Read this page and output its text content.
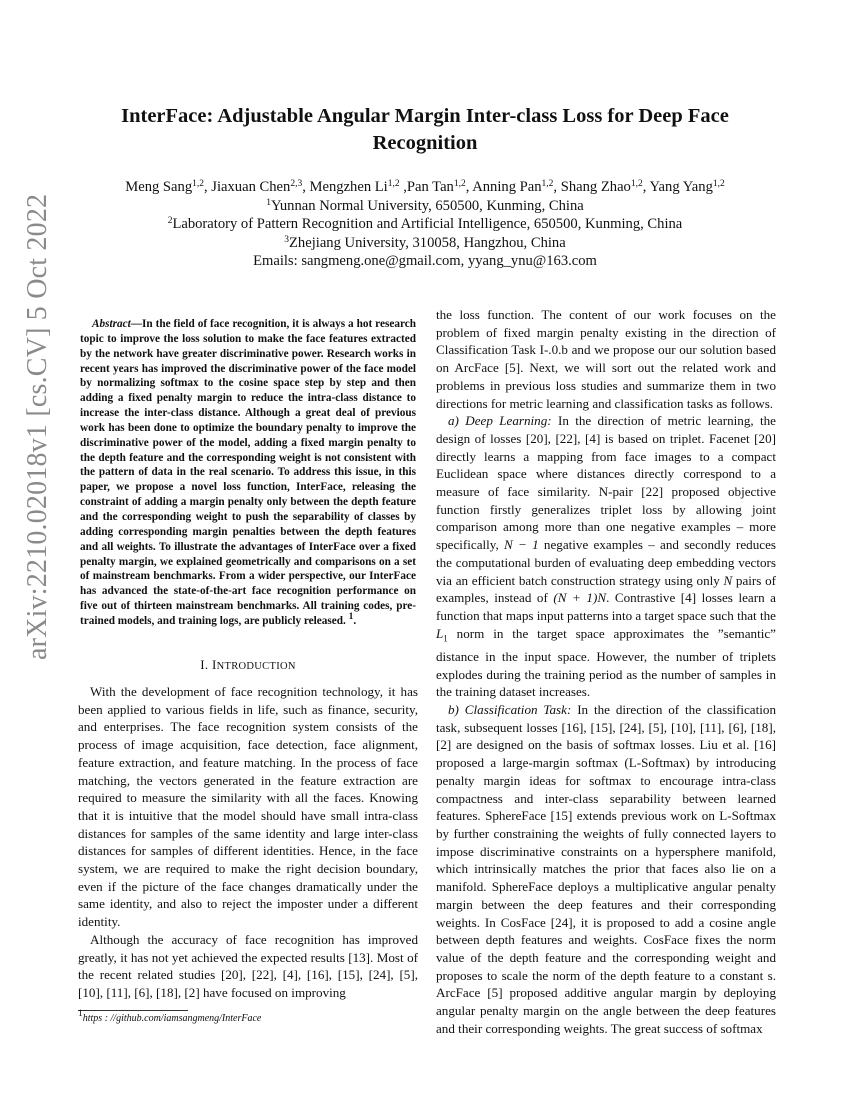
arXiv:2210.02018v1 [cs.CV] 5 Oct 2022
InterFace: Adjustable Angular Margin Inter-class Loss for Deep Face
Recognition
Meng Sang$^{1,2}$, Jiaxuan Chen$^{2,3}$, Mengzhen Li$^{1,2}$ ,Pan Tan$^{1,2}$, Anning Pan$^{1,2}$, Shang Zhao$^{1,2}$, Yang Yang$^{1,2}$
$^1$Yunnan Normal University, 650500, Kunming, China
$^2$Laboratory of Pattern Recognition and Artificial Intelligence, 650500, Kunming, China
$^3$Zhejiang University, 310058, Hangzhou, China
Emails: sangmeng.one@gmail.com, yyang_ynu@163.com

Abstract—In the field of face recognition, it is always a hot research topic to improve the loss solution to make the face features extracted by the network have greater discriminative power. Research works in recent years has improved the discriminative power of the face model by normalizing softmax to the cosine space step by step and then adding a fixed penalty margin to reduce the intra-class distance to increase the inter-class distance. Although a great deal of previous work has been done to optimize the boundary penalty to improve the discriminative power of the model, adding a fixed margin penalty to the depth feature and the corresponding weight is not consistent with the pattern of data in the real scenario. To address this issue, in this paper, we propose a novel loss function, InterFace, releasing the constraint of adding a margin penalty only between the depth feature and the corresponding weight to push the separability of classes by adding corresponding margin penalties between the depth features and all weights. To illustrate the advantages of InterFace over a fixed penalty margin, we explained geometrically and comparisons on a set of mainstream benchmarks. From a wider perspective, our InterFace has advanced the state-of-the-art face recognition performance on five out of thirteen mainstream benchmarks. All training codes, pre-trained models, and training logs, are publicly released. $^1$.

I. INTRODUCTION

With the development of face recognition technology, it has been applied to various fields in life, such as finance, security, and enterprises. The face recognition system consists of the process of image acquisition, face detection, face alignment, feature extraction, and feature matching. In the process of face matching, the vectors generated in the feature extraction are required to measure the similarity with all the faces. Knowing that it is intuitive that the model should have small intra-class distances for samples of the same identity and large inter-class distances for samples of different identities. Hence, in the face system, we are required to make the right decision boundary, even if the picture of the face changes dramatically under the same identity, and also to reject the imposter under a different identity.

Although the accuracy of face recognition has improved greatly, it has not yet achieved the expected results [13]. Most of the recent related studies [20], [22], [4], [16], [15], [24], [5], [10], [11], [6], [18], [2] have focused on improving

the loss function. The content of our work focuses on the problem of fixed margin penalty existing in the direction of Classification Task I-.0.b and we propose our our solution based on ArcFace [5]. Next, we will sort out the related work and problems in previous loss studies and summarize them in two directions for metric learning and classification tasks as follows.

a) Deep Learning: In the direction of metric learning, the design of losses [20], [22], [4] is based on triplet. Facenet [20] directly learns a mapping from face images to a compact Euclidean space where distances directly correspond to a measure of face similarity. N-pair [22] proposed objective function firstly generalizes triplet loss by allowing joint comparison among more than one negative examples – more specifically, N − 1 negative examples – and secondly reduces the computational burden of evaluating deep embedding vectors via an efficient batch construction strategy using only N pairs of examples, instead of (N + 1)N. Contrastive [4] losses learn a function that maps input patterns into a target space such that the $L_1$ norm in the target space approximates the ”semantic” distance in the input space. However, the number of triplets explodes during the training period as the number of samples in the training dataset increases.

b) Classification Task: In the direction of the classification task, subsequent losses [16], [15], [24], [5], [10], [11], [6], [18], [2] are designed on the basis of softmax losses. Liu et al. [16] proposed a large-margin softmax (L-Softmax) by introducing penalty margin ideas for softmax to encourage intra-class compactness and inter-class separability between learned features. SphereFace [15] extends previous work on L-Softmax by further constraining the weights of fully connected layers to impose discriminative constraints on a hypersphere manifold, which intrinsically matches the prior that faces also lie on a manifold. SphereFace deploys a multiplicative angular penalty margin between the deep features and their corresponding weights. In CosFace [24], it is proposed to add a cosine angle between depth features and weights. CosFace fixes the norm value of the depth feature and the corresponding weight and proposes to scale the norm of the depth feature to a constant s. ArcFace [5] proposed additive angular margin by deploying angular penalty margin on the angle between the deep features and their corresponding weights. The great success of softmax

$^1$https : //github.com/iamsangmeng/InterFace
